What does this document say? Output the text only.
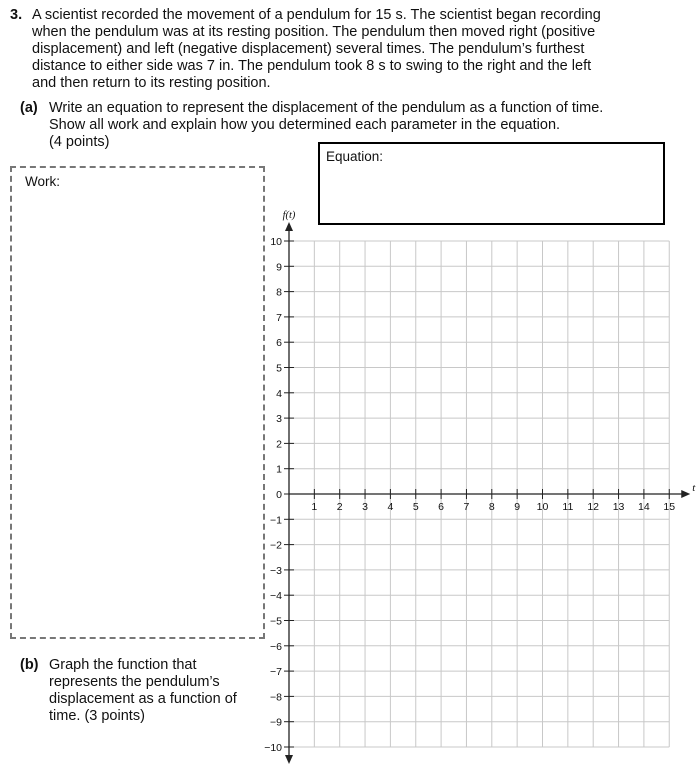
3. A scientist recorded the movement of a pendulum for 15 s. The scientist began recording
when the pendulum was at its resting position. The pendulum then moved right (positive
displacement) and left (negative displacement) several times. The pendulum’s furthest
distance to either side was 7 in. The pendulum took 8 s to swing to the right and the left
and then return to its resting position.
(a) Write an equation to represent the displacement of the pendulum as a function of time.
Show all work and explain how you determined each parameter in the equation.
(4 points)
Work:
Equation:
(b) Graph the function that
represents the pendulum’s
displacement as a function of
time. (3 points)
1 2 3 4 5 6 7 8 9 10 11 12 13 14 15
10
9
8
7
6
5
4
3
2
1
0
−1
−2
−3
−4
−5
−6
−7
−8
−9
−10
t
f(t)
